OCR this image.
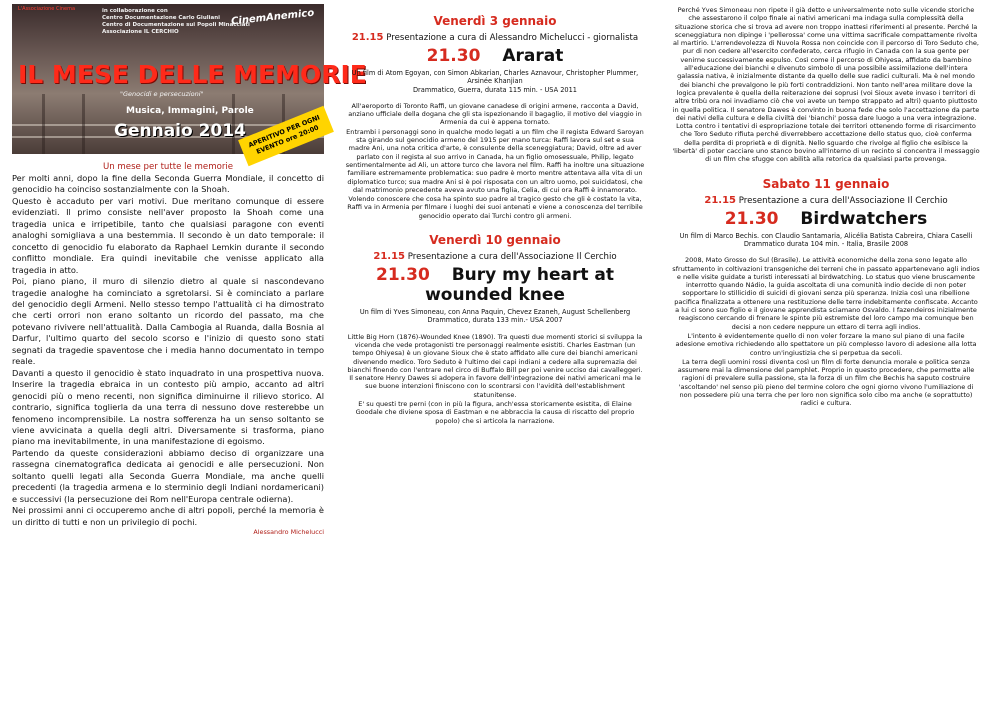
L'Associazione Cinema	in collaborazione con
Centro Documentazione Carlo Giuliani
Centro di Documentazione sui Popoli Minacciati
Associazione IL CERCHIO
CinemAnemico
IL MESE DELLE MEMORIE
"Genocidi e persecuzioni"
Musica, Immagini, Parole
Gennaio 2014 APERITIVO PER OGNI EVENTO ore 20:00
Un mese per tutte le memorie

Per molti anni, dopo la fine della Seconda Guerra Mondiale, il concetto di genocidio ha coinciso sostanzialmente con la Shoah.

Questo è accaduto per vari motivi. Due meritano comunque di essere evidenziati. Il primo consiste nell'aver proposto la Shoah come una tragedia unica e irripetibile, tanto che qualsiasi paragone con eventi analoghi somigliava a una bestemmia. Il secondo è un dato temporale: il concetto di genocidio fu elaborato da Raphael Lemkin durante il secondo conflitto mondiale. Era quindi inevitabile che venisse applicato alla tragedia in atto.

Poi, piano piano, il muro di silenzio dietro al quale si nascondevano tragedie analoghe ha cominciato a sgretolarsi. Si è cominciato a parlare del genocidio degli Armeni. Nello stesso tempo l'attualità ci ha dimostrato che certi orrori non erano soltanto un ricordo del passato, ma che potevano rivivere nell'attualità. Dalla Cambogia al Ruanda, dalla Bosnia al Darfur, l'ultimo quarto del secolo scorso e l'inizio di questo sono stati segnati da tragedie spaventose che i media hanno documentato in tempo reale.

Davanti a questo il genocidio è stato inquadrato in una prospettiva nuova. Inserire la tragedia ebraica in un contesto più ampio, accanto ad altri genocidi più o meno recenti, non significa diminuirne il rilievo storico. Al contrario, significa toglierla da una terra di nessuno dove resterebbe un fenomeno incomprensibile. La nostra sofferenza ha un senso soltanto se viene avvicinata a quella degli altri. Diversamente si trasforma, piano piano ma inevitabilmente, in una manifestazione di egoismo.

Partendo da queste considerazioni abbiamo deciso di organizzare una rassegna cinematografica dedicata ai genocidi e alle persecuzioni. Non soltanto quelli legati alla Seconda Guerra Mondiale, ma anche quelli precedenti (la tragedia armena e lo sterminio degli Indiani nordamericani) e successivi (la persecuzione dei Rom nell'Europa centrale odierna).

Nei prossimi anni ci occuperemo anche di altri popoli, perché la memoria è un diritto di tutti e non un privilegio di pochi.

Alessandro Michelucci
Venerdì 3 gennaio
21.15 Presentazione a cura di Alessandro Michelucci - giornalista
21.30 Ararat
Un film di Atom Egoyan, con Simon Abkarian, Charles Aznavour, Christopher Plummer, Arsinée Khanjian
Drammatico, Guerra, durata 115 min. - USA 2011

All'aeroporto di Toronto Raffi, un giovane canadese di origini armene, racconta a David, anziano ufficiale della dogana che gli sta ispezionando il bagaglio, il motivo del viaggio in Armenia da cui è appena tornato.

Entrambi i personaggi sono in qualche modo legati a un film che il regista Edward Saroyan sta girando sul genocidio armeno del 1915 per mano turca: Raffi lavora sul set e sua madre Ani, una nota critica d'arte, è consulente della sceneggiatura; David, oltre ad aver parlato con il regista al suo arrivo in Canada, ha un figlio omosessuale, Philip, legato sentimentalmente ad Ali, un attore turco che lavora nel film. Raffi ha inoltre una situazione familiare estremamente problematica: suo padre è morto mentre attentava alla vita di un diplomatico turco; sua madre Ani si è poi risposata con un altro uomo, poi suicidatosi, che dal matrimonio precedente aveva avuto una figlia, Celia, di cui ora Raffi è innamorato.

Volendo conoscere che cosa ha spinto suo padre al tragico gesto che gli è costato la vita, Raffi va in Armenia per filmare i luoghi dei suoi antenati e viene a conoscenza del terribile genocidio operato dai Turchi contro gli armeni.

Venerdì 10 gennaio
21.15 Presentazione a cura dell'Associazione Il Cerchio
21.30 Bury my heart at wounded knee
Un film di Yves Simoneau, con Anna Paquin, Chevez Ezaneh, August Schellenberg
Drammatico, durata 133 min.- USA 2007

Little Big Horn (1876)-Wounded Knee (1890). Tra questi due momenti storici si sviluppa la vicenda che vede protagonisti tre personaggi realmente esistiti. Charles Eastman (un tempo Ohiyesa) è un giovane Sioux che è stato affidato alle cure dei bianchi americani divenendo medico. Toro Seduto è l'ultimo dei capi indiani a cedere alla supremazia dei bianchi finendo con l'entrare nel circo di Buffalo Bill per poi venire ucciso dai cavalleggeri. Il senatore Henry Dawes si adopera in favore dell'integrazione dei nativi americani ma le sue buone intenzioni finiscono con lo scontrarsi con l'avidità dell'establishment statunitense.

E' su questi tre perni (con in più la figura, anch'essa storicamente esistita, di Elaine Goodale che diviene sposa di Eastman e ne abbraccia la causa di riscatto del proprio popolo) che si articola la narrazione.

Perché Yves Simoneau non ripete il già detto e universalmente noto sulle vicende storiche che assestarono il colpo finale ai nativi americani ma indaga sulla complessità della situazione storica che si trova ad avere non troppo inattesi riferimenti al presente. Perché la sceneggiatura non dipinge i 'pellerossa' come una vittima sacrificale compattamente rivolta al martirio. L'arrendevolezza di Nuvola Rossa non coincide con il percorso di Toro Seduto che, pur di non cedere all'esercito confederato, cerca rifugio in Canada con la sua gente per venirne successivamente espulso. Così come il percorso di Ohiyesa, affidato da bambino all'educazione dei bianchi e divenuto simbolo di una possibile assimilazione dell'intera galassia nativa, è inizialmente distante da quello delle sue radici culturali. Ma è nel mondo dei bianchi che prevalgono le più forti contraddizioni. Non tanto nell'area militare dove la logica prevalente è quella della reiterazione dei soprusi (voi Sioux avete invaso i territori di altre tribù ora noi invadiamo ciò che voi avete un tempo strappato ad altri) quanto piuttosto in quella politica. Il senatore Dawes è convinto in buona fede che solo l'accettazione da parte dei nativi della cultura e della civiltà dei 'bianchi' possa dare luogo a una vera integrazione. Lotta contro i tentativi di espropriazione totale dei territori ottenendo forme di risarcimento che Toro Seduto rifiuta perché diverrebbero accettazione dello status quo, cioè conferma della perdita di proprietà e di dignità. Nello sguardo che rivolge al figlio che esibisce la 'libertà' di poter cacciare uno stanco bovino all'interno di un recinto si concentra il messaggio di un film che sfugge con abilità alla retorica da qualsiasi parte provenga.

Sabato 11 gennaio
21.15 Presentazione a cura dell'Associazione Il Cerchio
21.30 Birdwatchers
Un film di Marco Bechis. con Claudio Santamaria, Alicélia Batista Cabreira, Chiara Caselli
Drammatico durata 104 min. - Italia, Brasile 2008

2008, Mato Grosso do Sul (Brasile). Le attività economiche della zona sono legate allo sfruttamento in coltivazioni transgeniche dei terreni che in passato appartenevano agli indios e nelle visite guidate a turisti interessati al birdwatching. Lo status quo viene bruscamente interrotto quando Nádio, la guida ascoltata di una comunità indio decide di non poter sopportare lo stillicidio di suicidi di giovani senza più speranza. Inizia così una ribellione pacifica finalizzata a ottenere una restituzione delle terre indebitamente confiscate. Accanto a lui ci sono suo figlio e il giovane apprendista sciamano Osvaldo. I fazendeiros inizialmente reagiscono cercando di frenare le spinte più estremiste del loro campo ma comunque ben decisi a non cedere neppure un ettaro di terra agli indios.

L'intento è evidentemente quello di non voler forzare la mano sul piano di una facile adesione emotiva richiedendo allo spettatore un più complesso lavoro di adesione alla lotta contro un'ingiustizia che si perpetua da secoli.

La terra degli uomini rossi diventa così un film di forte denuncia morale e politica senza assumere mai la dimensione del pamphlet. Proprio in questo procedere, che permette alle ragioni di prevalere sulla passione, sta la forza di un film che Bechis ha saputo costruire 'ascoltando' nel senso più pieno del termine coloro che ogni giorno vivono l'umiliazione di non possedere più una terra che per loro non significa solo cibo ma anche (e soprattutto) radici e cultura.
